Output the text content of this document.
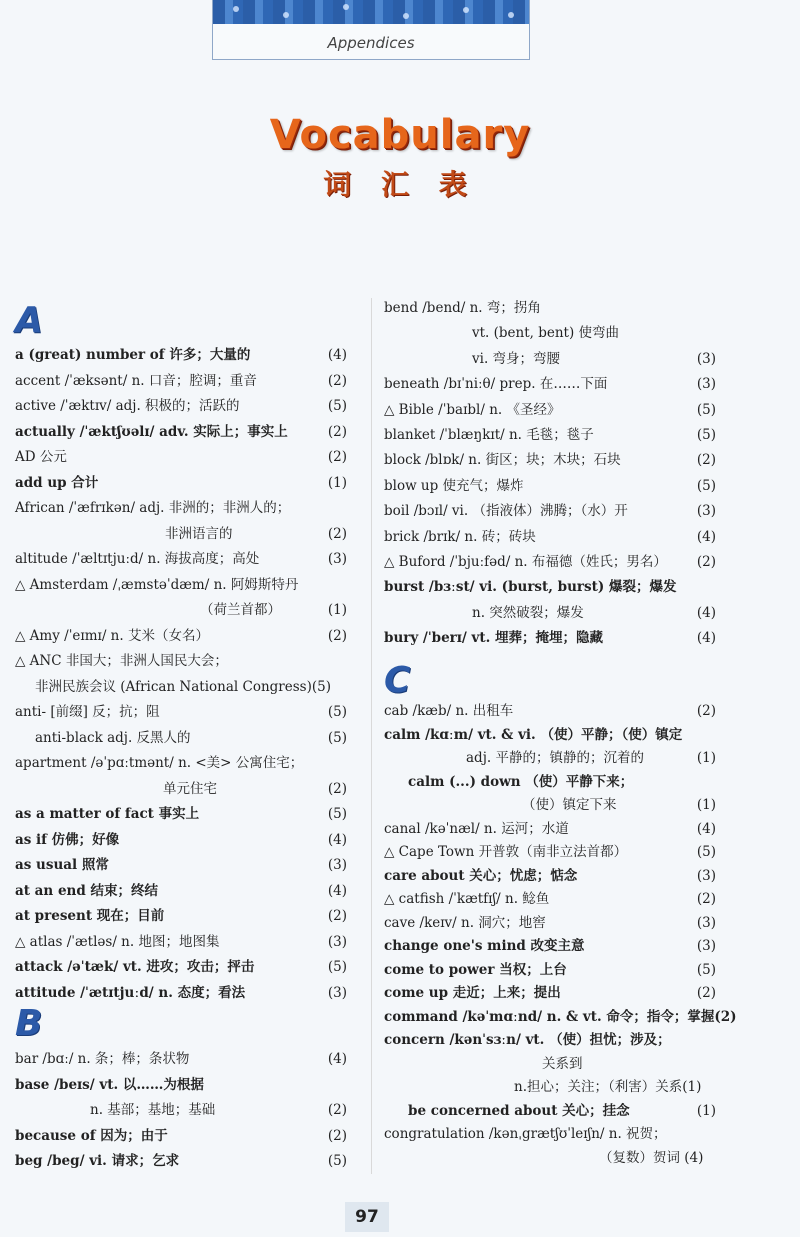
Appendices
Vocabulary
词 汇 表
A
a (great) number of 许多；大量的	(4)
accent /ˈæksənt/ n. 口音；腔调；重音	(2)
active /ˈæktɪv/ adj. 积极的；活跃的	(5)
actually /ˈæktʃʊəlɪ/ adv. 实际上；事实上	(2)
AD 公元	(2)
add up 合计	(1)
African /ˈæfrɪkən/ adj. 非洲的；非洲人的；
非洲语言的	(2)
altitude /ˈæltɪtjuːd/ n. 海拔高度；高处	(3)
△ Amsterdam /ˌæmstəˈdæm/ n. 阿姆斯特丹
（荷兰首都）	(1)
△ Amy /ˈeɪmɪ/ n. 艾米（女名）	(2)
△ ANC 非国大；非洲人国民大会；
非洲民族会议 (African National Congress)(5)
anti- [前缀] 反；抗；阻	(5)
anti-black adj. 反黑人的	(5)
apartment /əˈpɑːtmənt/ n. <美> 公寓住宅；
单元住宅	(2)
as a matter of fact 事实上	(5)
as if 仿佛；好像	(4)
as usual 照常	(3)
at an end 结束；终结	(4)
at present 现在；目前	(2)
△ atlas /ˈætləs/ n. 地图；地图集	(3)
attack /əˈtæk/ vt. 进攻；攻击；抨击	(5)
attitude /ˈætɪtjuːd/ n. 态度；看法	(3)
B
bar /bɑː/ n. 条；棒；条状物	(4)
base /beɪs/ vt. 以……为根据
n. 基部；基地；基础	(2)
because of 因为；由于	(2)
beg /beg/ vi. 请求；乞求	(5)
bend /bend/ n. 弯；拐角
vt. (bent, bent) 使弯曲
vi. 弯身；弯腰	(3)
beneath /bɪˈniːθ/ prep. 在……下面	(3)
△ Bible /ˈbaɪbl/ n. 《圣经》	(5)
blanket /ˈblæŋkɪt/ n. 毛毯；毯子	(5)
block /blɒk/ n. 街区；块；木块；石块	(2)
blow up 使充气；爆炸	(5)
boil /bɔɪl/ vi. （指液体）沸腾；（水）开	(3)
brick /brɪk/ n. 砖；砖块	(4)
△ Buford /ˈbjuːfəd/ n. 布福德（姓氏；男名） (2)
burst /bɜːst/ vi. (burst, burst) 爆裂；爆发
n. 突然破裂；爆发	(4)
bury /ˈberɪ/ vt. 埋葬；掩埋；隐藏	(4)
C
cab /kæb/ n. 出租车	(2)
calm /kɑːm/ vt. & vi. （使）平静；（使）镇定
adj. 平静的；镇静的；沉着的	(1)
calm (...) down （使）平静下来；
（使）镇定下来	(1)
canal /kəˈnæl/ n. 运河；水道	(4)
△ Cape Town 开普敦（南非立法首都）	(5)
care about 关心；忧虑；惦念	(3)
△ catfish /ˈkætfɪʃ/ n. 鲶鱼	(2)
cave /keɪv/ n. 洞穴；地窖	(3)
change one's mind 改变主意	(3)
come to power 当权；上台	(5)
come up 走近；上来；提出	(2)
command /kəˈmɑːnd/ n. & vt. 命令；指令；掌握(2)
concern /kənˈsɜːn/ vt. （使）担忧；涉及；
关系到
n.担心；关注；（利害）关系(1)
be concerned about 关心；挂念	(1)
congratulation /kənˌgrætʃʊˈleɪʃn/ n. 祝贺；
（复数）贺词 (4)
97
